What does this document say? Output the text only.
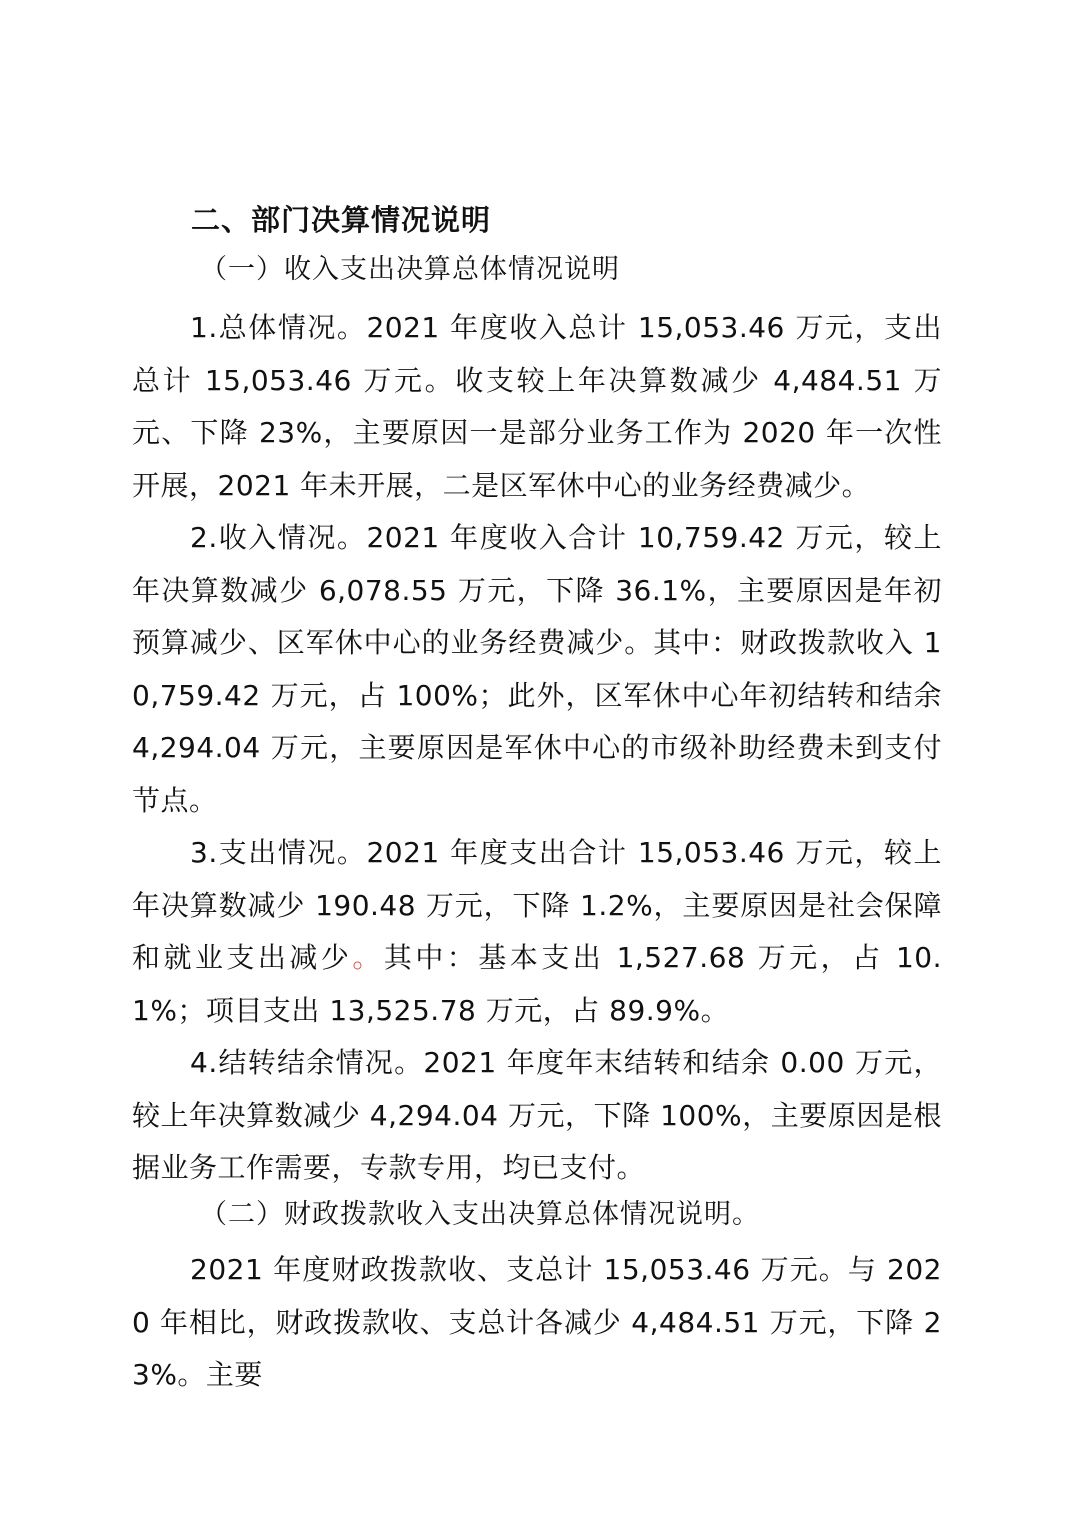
二、部门决算情况说明
（一）收入支出决算总体情况说明

1.总体情况。2021 年度收入总计 15,053.46 万元，支出总计 15,053.46 万元。收支较上年决算数减少 4,484.51 万元、下降 23%，主要原因一是部分业务工作为 2020 年一次性开展，2021 年未开展，二是区军休中心的业务经费减少。

2.收入情况。2021 年度收入合计 10,759.42 万元，较上年决算数减少 6,078.55 万元，下降 36.1%，主要原因是年初预算减少、区军休中心的业务经费减少。其中：财政拨款收入 10,759.42 万元，占 100%；此外，区军休中心年初结转和结余 4,294.04 万元，主要原因是军休中心的市级补助经费未到支付节点。

3.支出情况。2021 年度支出合计 15,053.46 万元，较上年决算数减少 190.48 万元，下降 1.2%，主要原因是社会保障和就业支出减少。其中：基本支出 1,527.68 万元，占 10.1%；项目支出 13,525.78 万元，占 89.9%。

4.结转结余情况。2021 年度年末结转和结余 0.00 万元，较上年决算数减少 4,294.04 万元，下降 100%，主要原因是根据业务工作需要，专款专用，均已支付。

（二）财政拨款收入支出决算总体情况说明。

2021 年度财政拨款收、支总计 15,053.46 万元。与 2020 年相比，财政拨款收、支总计各减少 4,484.51 万元，下降 23%。主要
